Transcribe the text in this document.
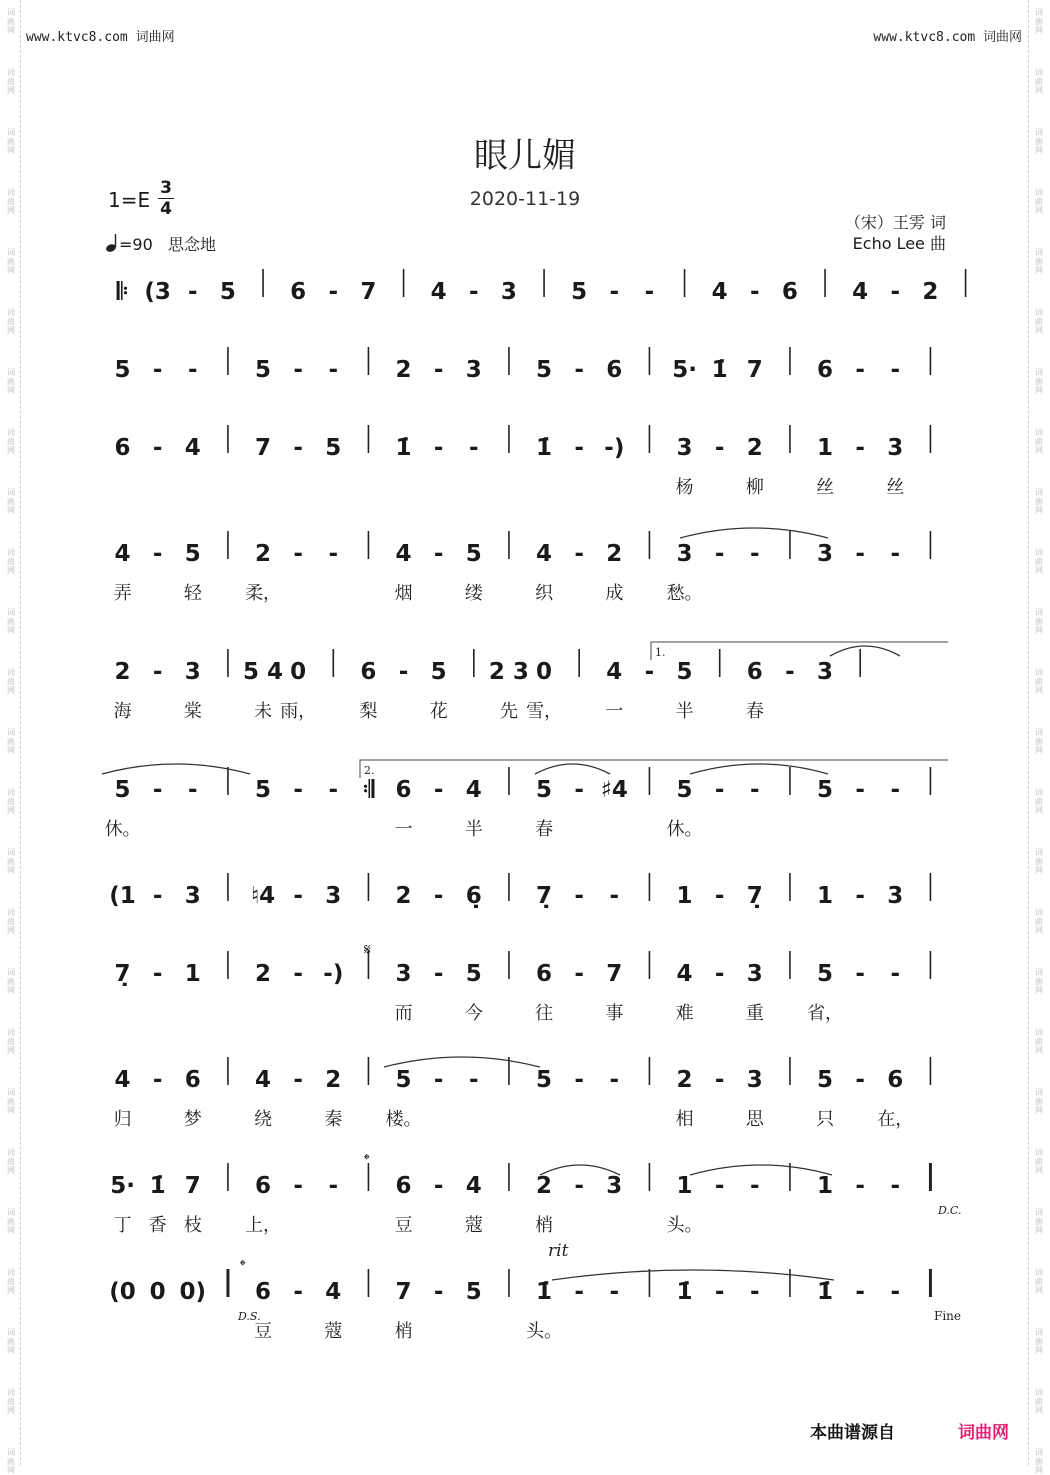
词
曲
网
词
曲
网
词
曲
网
词
曲
网
词
曲
网
词
曲
网
词
曲
网
词
曲
网
词
曲
网
词
曲
网
词
曲
网
词
曲
网
词
曲
网
词
曲
网
词
曲
网
词
曲
网
词
曲
网
词
曲
网
词
曲
网
词
曲
网
词
曲
网
词
曲
网
词
曲
网
词
曲
网
词
曲
网
词
曲
网
词
曲
网
词
曲
网
词
曲
网
词
曲
网
词
曲
网
词
曲
网
词
曲
网
词
曲
网
词
曲
网
词
曲
网
词
曲
网
词
曲
网
词
曲
网
词
曲
网
词
曲
网
词
曲
网
词
曲
网
词
曲
网
词
曲
网
词
曲
网
词
曲
网
词
曲
网
词
曲
网
词
曲
网
www.ktvc8.com 词曲网	www.ktvc8.com 词曲网
眼儿媚
2020-11-19
1=E 3
4
=90 思念地
（宋）王雱 词
Echo Lee 曲
𝄆 (3 - 5 6 - 7 4 - 3 5 - - 4 - 6 4 - 2
5 - - 5 - - 2 - 3 5 - 6 5· 1̇ 7 6 - -
6 - 4 7 - 5 1̇ - - 1̇ - -) 3 - 2 1 - 3
杨	柳	丝	丝
4 - 5 2 - - 4 - 5 4 - 2 3 - - 3 - -
弄	轻 柔，	烟	缕	织	成 愁。
2 - 3 5 4 0 6 - 5 2 3 0 4 - 5 6 - 3
海	棠	未 雨， 梨	花	先 雪， 一	半	春
5 - - 5 - - 𝄇 6 - 4 5 - ♯4 5 - - 5 - -
休。	一	半	春	休。
(1 - 3 ♮4 - 3 2 - 6̣ 7̣ - - 1 - 7̣ 1 - 3
7̣ - 1 2 - -) 3 - 5 6 - 7 4 - 3 5 - -
而	今	往	事	难	重 省，
4 - 6 4 - 2 5 - - 5 - - 2 - 3 5 - 6
归	梦	绕	秦 楼。	相	思	只 在，
5· 1̇ 7 6 - - 6 - 4 2 - 3 1 - - 1 - -
丁 香 枝 上，	豆	蔻	梢	头。
(0 0 0) 6 - 4 7 - 5 1̇ - - 1̇ - - 1̇ - -
豆	蔻	梢	头。
1.
2.
𝄋
𝄌
𝄌
D.C.
D.S.	Fine
rit
本曲谱源自	词曲网
